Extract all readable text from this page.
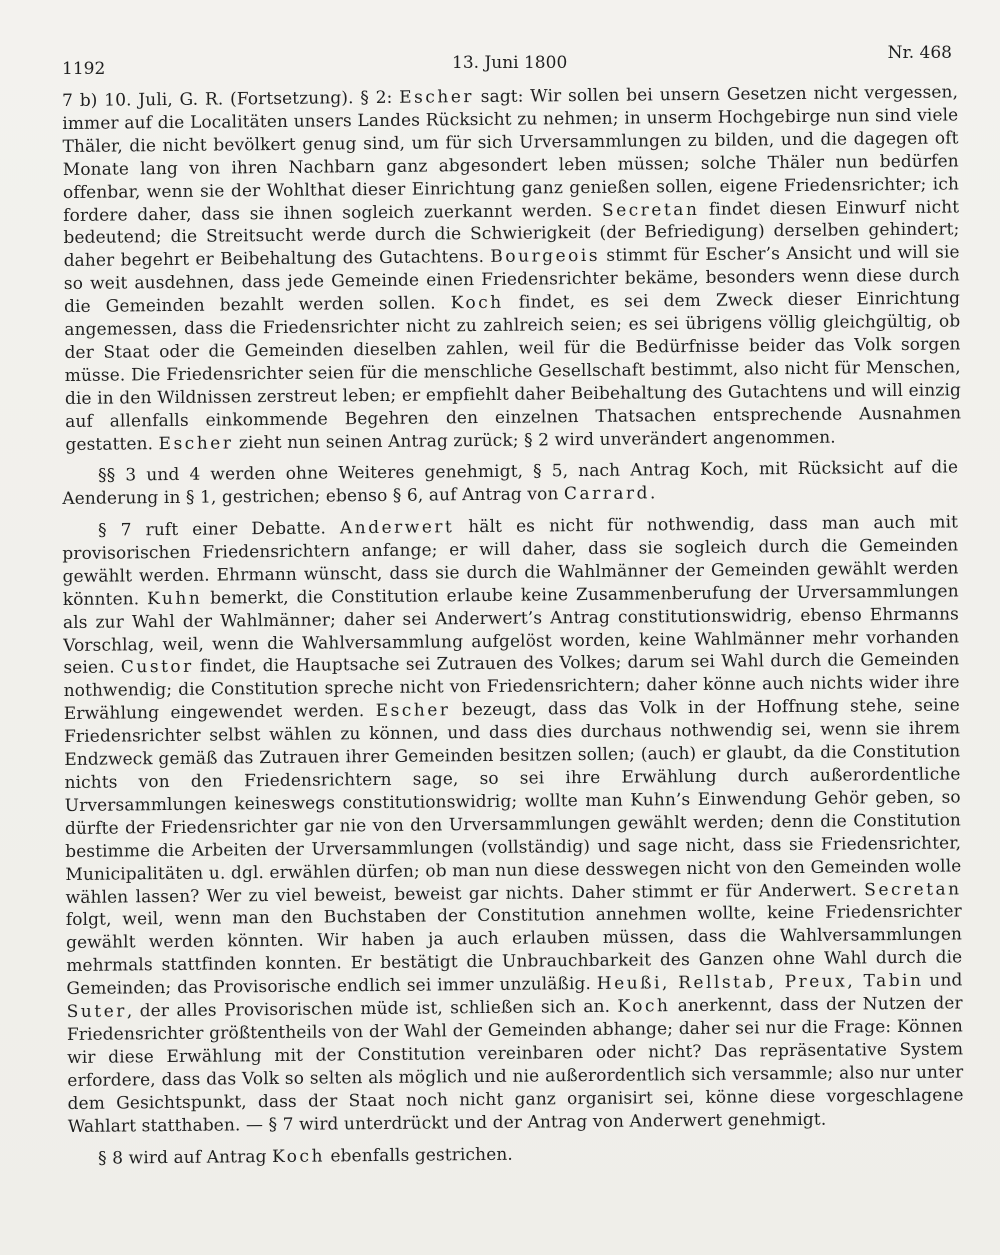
1192	13. Juni 1800	Nr. 468

7 b) 10. Juli, G. R. (Fortsetzung). § 2: Escher sagt: Wir sollen bei unsern Gesetzen nicht vergessen, immer auf die Localitäten unsers Landes Rücksicht zu nehmen; in unserm Hochgebirge nun sind viele Thäler, die nicht bevölkert genug sind, um für sich Urversammlungen zu bilden, und die dagegen oft Monate lang von ihren Nachbarn ganz abgesondert leben müssen; solche Thäler nun bedürfen offenbar, wenn sie der Wohlthat dieser Einrichtung ganz genießen sollen, eigene Friedensrichter; ich fordere daher, dass sie ihnen sogleich zuerkannt werden. Secretan findet diesen Einwurf nicht bedeutend; die Streitsucht werde durch die Schwierigkeit (der Befriedigung) derselben gehindert; daher begehrt er Beibehaltung des Gutachtens. Bourgeois stimmt für Escher’s Ansicht und will sie so weit ausdehnen, dass jede Gemeinde einen Friedensrichter bekäme, besonders wenn diese durch die Gemeinden bezahlt werden sollen. Koch findet, es sei dem Zweck dieser Einrichtung angemessen, dass die Friedensrichter nicht zu zahlreich seien; es sei übrigens völlig gleichgültig, ob der Staat oder die Gemeinden dieselben zahlen, weil für die Bedürfnisse beider das Volk sorgen müsse. Die Friedensrichter seien für die menschliche Gesellschaft bestimmt, also nicht für Menschen, die in den Wildnissen zerstreut leben; er empfiehlt daher Beibehaltung des Gutachtens und will einzig auf allenfalls einkommende Begehren den einzelnen Thatsachen entsprechende Ausnahmen gestatten. Escher zieht nun seinen Antrag zurück; § 2 wird unverändert angenommen.

§§ 3 und 4 werden ohne Weiteres genehmigt, § 5, nach Antrag Koch, mit Rücksicht auf die Aenderung in § 1, gestrichen; ebenso § 6, auf Antrag von Carrard.

§ 7 ruft einer Debatte. Anderwert hält es nicht für nothwendig, dass man auch mit provisorischen Friedensrichtern anfange; er will daher, dass sie sogleich durch die Gemeinden gewählt werden. Ehrmann wünscht, dass sie durch die Wahlmänner der Gemeinden gewählt werden könnten. Kuhn bemerkt, die Constitution erlaube keine Zusammenberufung der Urversammlungen als zur Wahl der Wahlmänner; daher sei Anderwert’s Antrag constitutionswidrig, ebenso Ehrmanns Vorschlag, weil, wenn die Wahlversammlung aufgelöst worden, keine Wahlmänner mehr vorhanden seien. Custor findet, die Hauptsache sei Zutrauen des Volkes; darum sei Wahl durch die Gemeinden nothwendig; die Constitution spreche nicht von Friedensrichtern; daher könne auch nichts wider ihre Erwählung eingewendet werden. Escher bezeugt, dass das Volk in der Hoffnung stehe, seine Friedensrichter selbst wählen zu können, und dass dies durchaus nothwendig sei, wenn sie ihrem Endzweck gemäß das Zutrauen ihrer Gemeinden besitzen sollen; (auch) er glaubt, da die Constitution nichts von den Friedensrichtern sage, so sei ihre Erwählung durch außerordentliche Urversammlungen keineswegs constitutionswidrig; wollte man Kuhn’s Einwendung Gehör geben, so dürfte der Friedensrichter gar nie von den Urversammlungen gewählt werden; denn die Constitution bestimme die Arbeiten der Urversammlungen (vollständig) und sage nicht, dass sie Friedensrichter, Municipalitäten u. dgl. erwählen dürfen; ob man nun diese desswegen nicht von den Gemeinden wolle wählen lassen? Wer zu viel beweist, beweist gar nichts. Daher stimmt er für Anderwert. Secretan folgt, weil, wenn man den Buchstaben der Constitution annehmen wollte, keine Friedensrichter gewählt werden könnten. Wir haben ja auch erlauben müssen, dass die Wahlversammlungen mehrmals stattfinden konnten. Er bestätigt die Unbrauchbarkeit des Ganzen ohne Wahl durch die Gemeinden; das Provisorische endlich sei immer unzuläßig. Heußi, Rellstab, Preux, Tabin und Suter, der alles Provisorischen müde ist, schließen sich an. Koch anerkennt, dass der Nutzen der Friedensrichter größtentheils von der Wahl der Gemeinden abhange; daher sei nur die Frage: Können wir diese Erwählung mit der Constitution vereinbaren oder nicht? Das repräsentative System erfordere, dass das Volk so selten als möglich und nie außerordentlich sich versammle; also nur unter dem Gesichtspunkt, dass der Staat noch nicht ganz organisirt sei, könne diese vorgeschlagene Wahlart statthaben. — § 7 wird unterdrückt und der Antrag von Anderwert genehmigt.

§ 8 wird auf Antrag Koch ebenfalls gestrichen.
